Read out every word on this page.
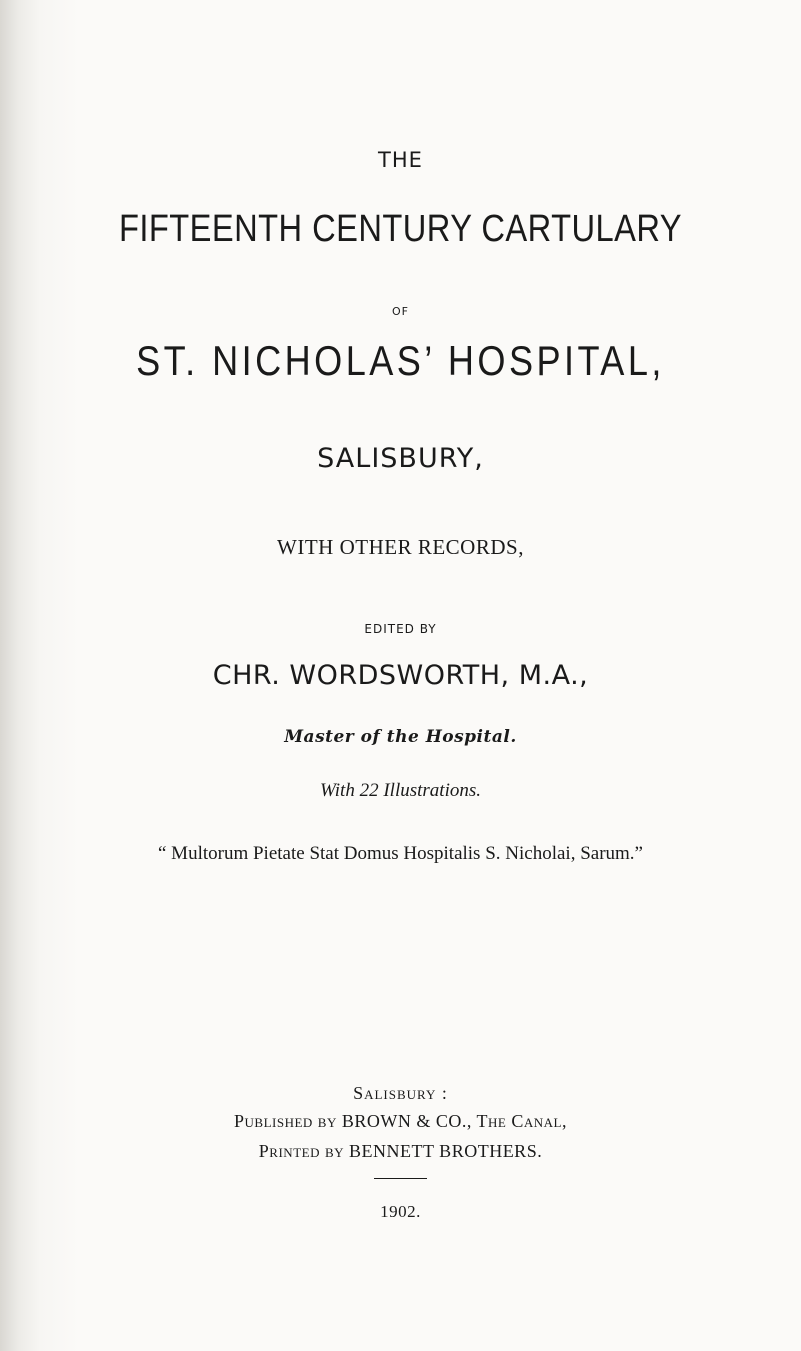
THE
FIFTEENTH CENTURY CARTULARY
OF
ST. NICHOLAS’ HOSPITAL,
SALISBURY,
WITH OTHER RECORDS,
EDITED BY
CHR. WORDSWORTH, M.A.,
Master of the Hospital.
With 22 Illustrations.
“ Multorum Pietate Stat Domus Hospitalis S. Nicholai, Sarum.”
Salisbury :
Published by BROWN & CO., The Canal,
Printed by BENNETT BROTHERS.
1902.
